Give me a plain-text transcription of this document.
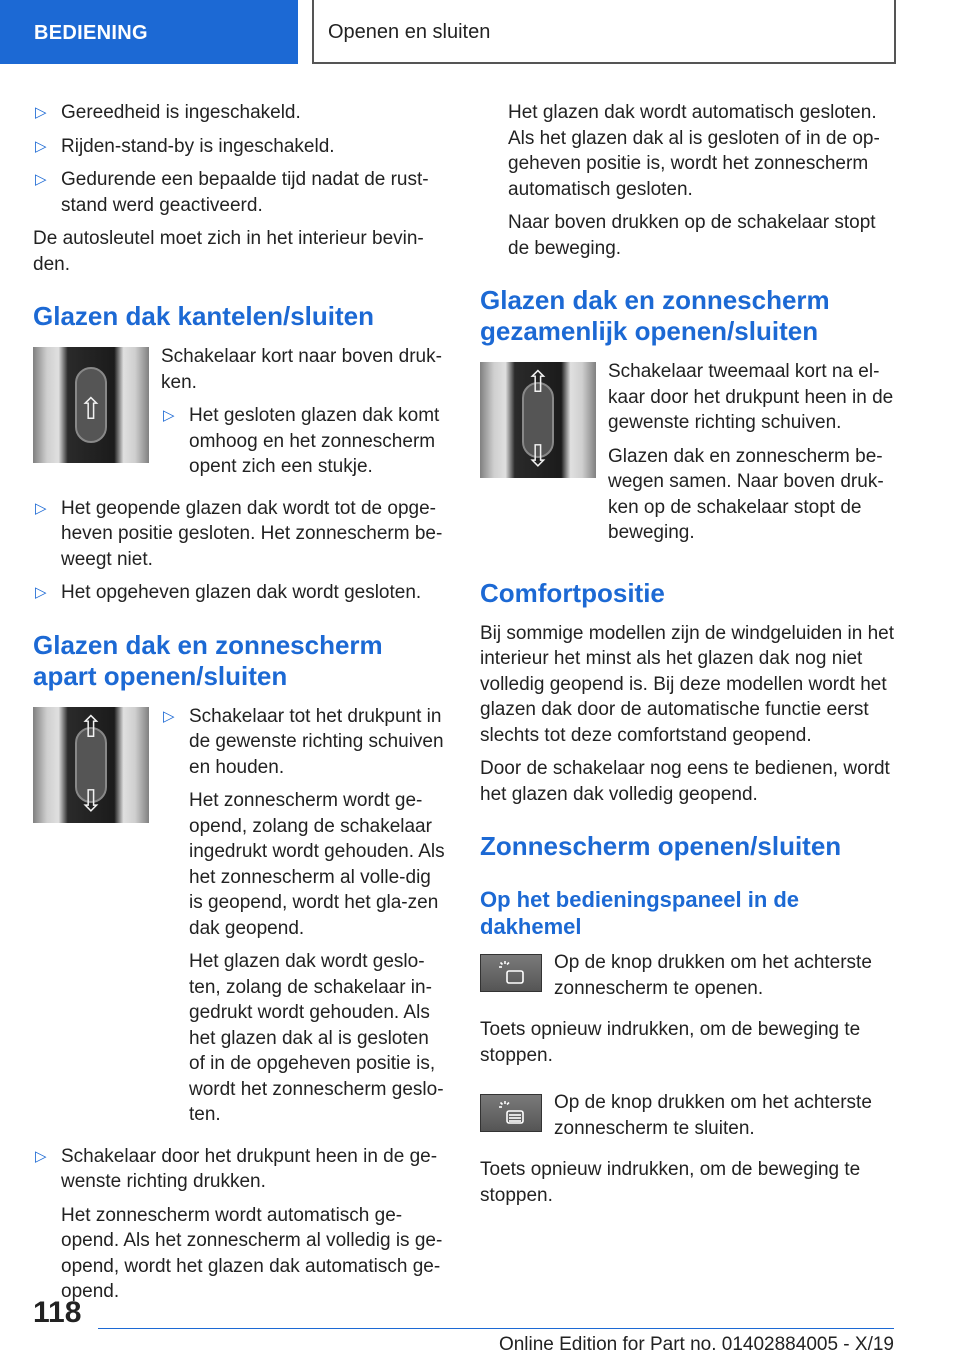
BEDIENING	Openen en sluiten
▷ Gereedheid is ingeschakeld.
▷ Rijden-stand-by is ingeschakeld.
▷ Gedurende een bepaalde tijd nadat de rust-stand werd geactiveerd.

De autosleutel moet zich in het interieur bevin-den.

Glazen dak kantelen/sluiten
⇧

Schakelaar kort naar boven druk-ken.

▷ Het gesloten glazen dak komt omhoog en het zonnescherm opent zich een stukje.
▷ Het geopende glazen dak wordt tot de opge-heven positie gesloten. Het zonnescherm be-weegt niet.
▷ Het opgeheven glazen dak wordt gesloten.
Glazen dak en zonnescherm apart openen/sluiten
⇧
⇩
▷ Schakelaar tot het drukpunt in de gewenste richting schuiven en houden.

Het zonnescherm wordt ge-opend, zolang de schakelaar ingedrukt wordt gehouden. Als het zonnescherm al volle-dig is geopend, wordt het gla-zen dak geopend.

Het glazen dak wordt geslo-ten, zolang de schakelaar in-gedrukt wordt gehouden. Als het glazen dak al is gesloten of in de opgeheven positie is, wordt het zonnescherm geslo-ten.

▷ Schakelaar door het drukpunt heen in de ge-wenste richting drukken.

Het zonnescherm wordt automatisch ge-opend. Als het zonnescherm al volledig is ge-opend, wordt het glazen dak automatisch ge-opend.

Het glazen dak wordt automatisch gesloten. Als het glazen dak al is gesloten of in de op-geheven positie is, wordt het zonnescherm automatisch gesloten.

Naar boven drukken op de schakelaar stopt de beweging.

Glazen dak en zonnescherm gezamenlijk openen/sluiten
⇧
⇩

Schakelaar tweemaal kort na el-kaar door het drukpunt heen in de gewenste richting schuiven.

Glazen dak en zonnescherm be-wegen samen. Naar boven druk-ken op de schakelaar stopt de beweging.

Comfortpositie

Bij sommige modellen zijn de windgeluiden in het interieur het minst als het glazen dak nog niet volledig geopend is. Bij deze modellen wordt het glazen dak door de automatische functie eerst slechts tot deze comfortstand geopend.

Door de schakelaar nog eens te bedienen, wordt het glazen dak volledig geopend.

Zonnescherm openen/sluiten
Op het bedieningspaneel in de dakhemel

Op de knop drukken om het achterste zonnescherm te openen.

Toets opnieuw indrukken, om de beweging te stoppen.

Op de knop drukken om het achterste zonnescherm te sluiten.

Toets opnieuw indrukken, om de beweging te stoppen.

118
Online Edition for Part no. 01402884005 - X/19
